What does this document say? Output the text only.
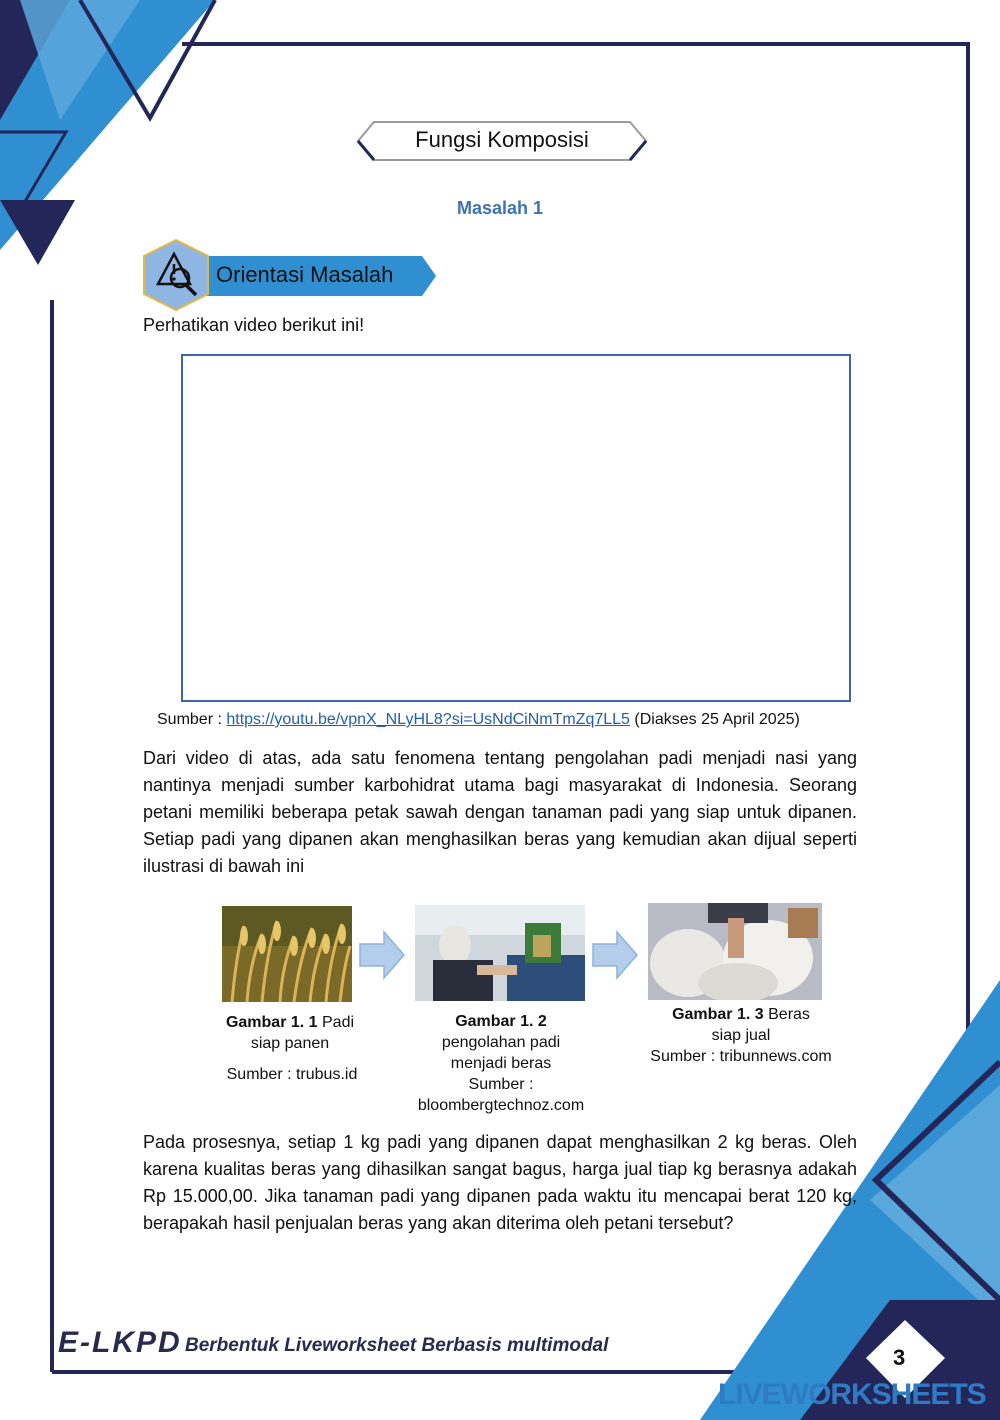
Fungsi Komposisi
Masalah 1
Orientasi Masalah
Perhatikan video berikut ini!
Sumber : https://youtu.be/vpnX_NLyHL8?si=UsNdCiNmTmZq7LL5 (Diakses 25 April 2025)
Dari video di atas, ada satu fenomena tentang pengolahan padi menjadi nasi yang nantinya menjadi sumber karbohidrat utama bagi masyarakat di Indonesia. Seorang petani memiliki beberapa petak sawah dengan tanaman padi yang siap untuk dipanen. Setiap padi yang dipanen akan menghasilkan beras yang kemudian akan dijual seperti ilustrasi di bawah ini
Gambar 1. 1 Padi
siap panen
Sumber : trubus.id
Gambar 1. 2
pengolahan padi
menjadi beras
Sumber :
bloombergtechnoz.com
Gambar 1. 3 Beras
siap jual
Sumber : tribunnews.com
Pada prosesnya, setiap 1 kg padi yang dipanen dapat menghasilkan 2 kg beras. Oleh karena kualitas beras yang dihasilkan sangat bagus, harga jual tiap kg berasnya adakah Rp 15.000,00. Jika tanaman padi yang dipanen pada waktu itu mencapai berat 120 kg, berapakah hasil penjualan beras yang akan diterima oleh petani tersebut?
E-LKPD Berbentuk Liveworksheet Berbasis multimodal	3
LIVEWORKSHEETS
